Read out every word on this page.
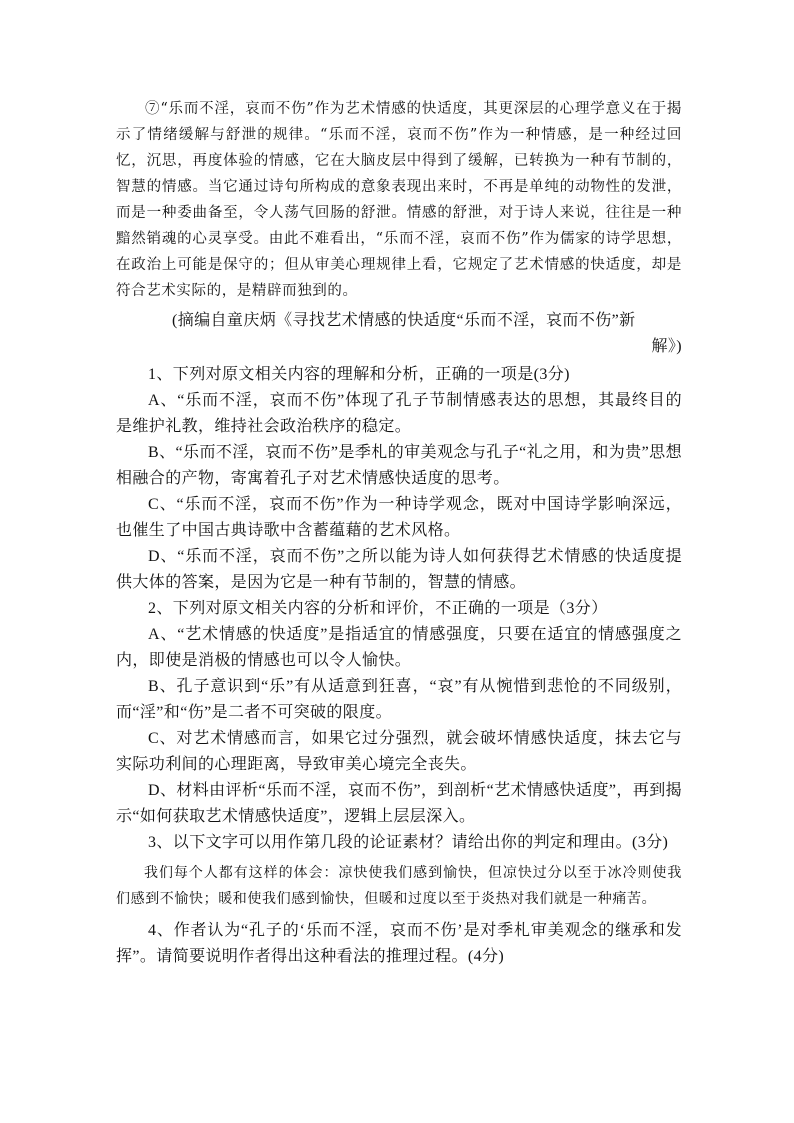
⑦“乐而不淫，哀而不伤”作为艺术情感的快适度，其更深层的心理学意义在于揭示了情绪缓解与舒泄的规律。“乐而不淫，哀而不伤”作为一种情感，是一种经过回忆，沉思，再度体验的情感，它在大脑皮层中得到了缓解，已转换为一种有节制的，智慧的情感。当它通过诗句所构成的意象表现出来时，不再是单纯的动物性的发泄，而是一种委曲备至，令人荡气回肠的舒泄。情感的舒泄，对于诗人来说，往往是一种黯然销魂的心灵享受。由此不难看出，“乐而不淫，哀而不伤”作为儒家的诗学思想，在政治上可能是保守的；但从审美心理规律上看，它规定了艺术情感的快适度，却是符合艺术实际的，是精辟而独到的。

(摘编自童庆炳《寻找艺术情感的快适度“乐而不淫，哀而不伤”新
解》)

1、下列对原文相关内容的理解和分析，正确的一项是(3分)

A、“乐而不淫，哀而不伤”体现了孔子节制情感表达的思想，其最终目的是维护礼教，维持社会政治秩序的稳定。

B、“乐而不淫，哀而不伤”是季札的审美观念与孔子“礼之用，和为贵”思想相融合的产物，寄寓着孔子对艺术情感快适度的思考。

C、“乐而不淫，哀而不伤”作为一种诗学观念，既对中国诗学影响深远，也催生了中国古典诗歌中含蓄蕴藉的艺术风格。

D、“乐而不淫，哀而不伤”之所以能为诗人如何获得艺术情感的快适度提供大体的答案，是因为它是一种有节制的，智慧的情感。

2、下列对原文相关内容的分析和评价，不正确的一项是（3分）

A、“艺术情感的快适度”是指适宜的情感强度，只要在适宜的情感强度之内，即使是消极的情感也可以令人愉快。

B、孔子意识到“乐”有从适意到狂喜，“哀”有从惋惜到悲怆的不同级别，而“淫”和“伤”是二者不可突破的限度。

C、对艺术情感而言，如果它过分强烈，就会破坏情感快适度，抹去它与实际功利间的心理距离，导致审美心境完全丧失。

D、材料由评析“乐而不淫，哀而不伤”，到剖析“艺术情感快适度”，再到揭示“如何获取艺术情感快适度”，逻辑上层层深入。

3、以下文字可以用作第几段的论证素材？请给出你的判定和理由。(3分)

我们每个人都有这样的体会：凉快使我们感到愉快，但凉快过分以至于冰冷则使我们感到不愉快；暖和使我们感到愉快，但暖和过度以至于炎热对我们就是一种痛苦。

4、作者认为“孔子的‘乐而不淫，哀而不伤’是对季札审美观念的继承和发挥”。请简要说明作者得出这种看法的推理过程。(4分)
